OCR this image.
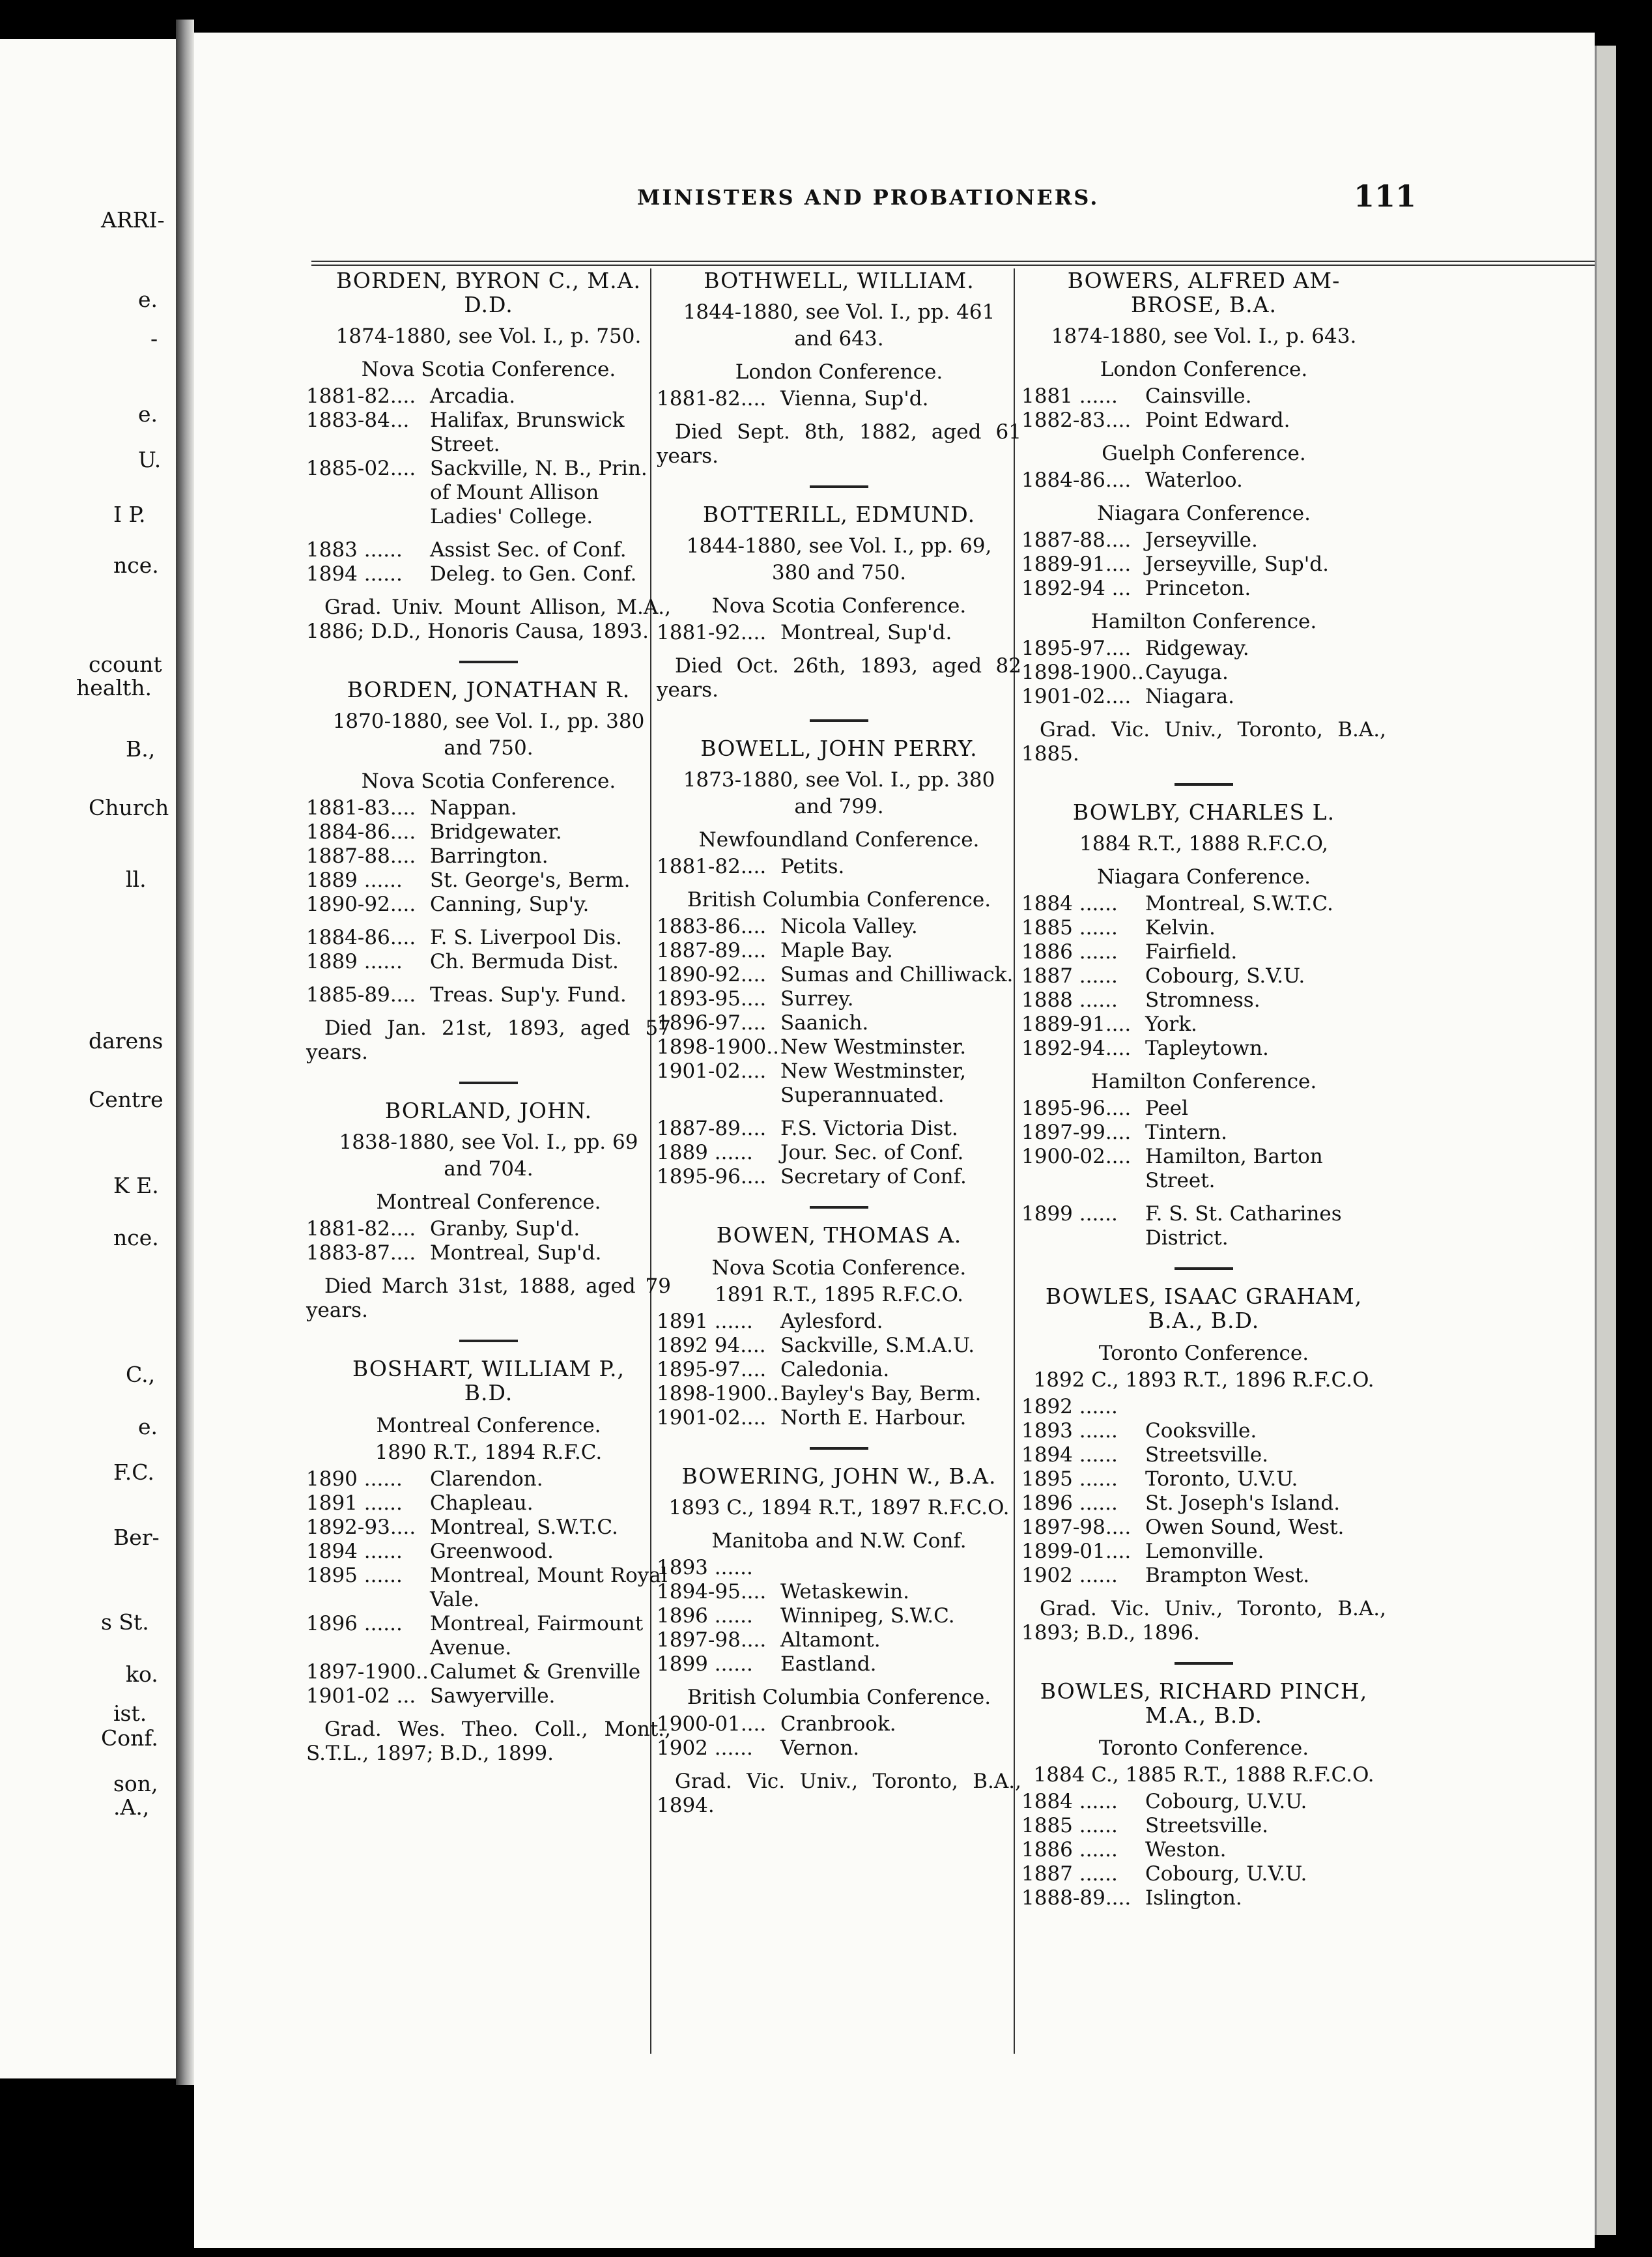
ARRI-
e.
-
e.
U.
I P.
nce.
ccount
health.
B.,
Church
ll.
darens
Centre
K E.
nce.
C.,
e.
F.C.
Ber-
s St.
ko.
ist.
Conf.
son,
.A.,
MINISTERS AND PROBATIONERS.	111
BORDEN, BYRON C., M.A.
D.D.
1874-1880, see Vol. I., p. 750.
Nova Scotia Conference.
1881-82.... Arcadia.
1883-84...	Halifax, Brunswick Street.
1885-02.... Sackville, N. B., Prin. of Mount Allison Ladies' College.
1883 ......	Assist Sec. of Conf.
1894 ......	Deleg. to Gen. Conf.
Grad. Univ. Mount Allison, M.A., 1886; D.D., Honoris Causa, 1893.
BORDEN, JONATHAN R.
1870-1880, see Vol. I., pp. 380
and 750.
Nova Scotia Conference.
1881-83.... Nappan.
1884-86.... Bridgewater.
1887-88.... Barrington.
1889 ......	St. George's, Berm.
1890-92.... Canning, Sup'y.
1884-86.... F. S. Liverpool Dis.
1889 ......	Ch. Bermuda Dist.
1885-89.... Treas. Sup'y. Fund.
Died Jan. 21st, 1893, aged 57 years.
BORLAND, JOHN.
1838-1880, see Vol. I., pp. 69
and 704.
Montreal Conference.
1881-82.... Granby, Sup'd.
1883-87.... Montreal, Sup'd.
Died March 31st, 1888, aged 79 years.
BOSHART, WILLIAM P.,
B.D.
Montreal Conference.
1890 R.T., 1894 R.F.C.
1890 ......	Clarendon.
1891 ......	Chapleau.
1892-93.... Montreal, S.W.T.C.
1894 ......	Greenwood.
1895 ......	Montreal, Mount Royal Vale.
1896 ......	Montreal, Fairmount Avenue.
1897-1900.. Calumet & Grenville
1901-02 ... Sawyerville.
Grad. Wes. Theo. Coll., Mont., S.T.L., 1897; B.D., 1899.
BOTHWELL, WILLIAM.
1844-1880, see Vol. I., pp. 461
and 643.
London Conference.
1881-82.... Vienna, Sup'd.
Died Sept. 8th, 1882, aged 61 years.
BOTTERILL, EDMUND.
1844-1880, see Vol. I., pp. 69,
380 and 750.
Nova Scotia Conference.
1881-92.... Montreal, Sup'd.
Died Oct. 26th, 1893, aged 82 years.
BOWELL, JOHN PERRY.
1873-1880, see Vol. I., pp. 380
and 799.
Newfoundland Conference.
1881-82.... Petits.
British Columbia Conference.
1883-86.... Nicola Valley.
1887-89.... Maple Bay.
1890-92.... Sumas and Chilliwack.
1893-95.... Surrey.
1896-97.... Saanich.
1898-1900.. New Westminster.
1901-02.... New Westminster, Superannuated.
1887-89.... F.S. Victoria Dist.
1889 ......	Jour. Sec. of Conf.
1895-96.... Secretary of Conf.
BOWEN, THOMAS A.
Nova Scotia Conference.
1891 R.T., 1895 R.F.C.O.
1891 ......	Aylesford.
1892 94.... Sackville, S.M.A.U.
1895-97.... Caledonia.
1898-1900.. Bayley's Bay, Berm.
1901-02.... North E. Harbour.
BOWERING, JOHN W., B.A.
1893 C., 1894 R.T., 1897 R.F.C.O.
Manitoba and N.W. Conf.
1893 ......
1894-95.... Wetaskewin.
1896 ......	Winnipeg, S.W.C.
1897-98.... Altamont.
1899 ......	Eastland.
British Columbia Conference.
1900-01.... Cranbrook.
1902 ......	Vernon.
Grad. Vic. Univ., Toronto, B.A., 1894.
BOWERS, ALFRED AM-
BROSE, B.A.
1874-1880, see Vol. I., p. 643.
London Conference.
1881 ......	Cainsville.
1882-83.... Point Edward.
Guelph Conference.
1884-86.... Waterloo.
Niagara Conference.
1887-88.... Jerseyville.
1889-91.... Jerseyville, Sup'd.
1892-94 ... Princeton.
Hamilton Conference.
1895-97.... Ridgeway.
1898-1900.. Cayuga.
1901-02.... Niagara.
Grad. Vic. Univ., Toronto, B.A., 1885.
BOWLBY, CHARLES L.
1884 R.T., 1888 R.F.C.O,
Niagara Conference.
1884 ......	Montreal, S.W.T.C.
1885 ......	Kelvin.
1886 ......	Fairfield.
1887 ......	Cobourg, S.V.U.
1888 ......	Stromness.
1889-91.... York.
1892-94.... Tapleytown.
Hamilton Conference.
1895-96.... Peel
1897-99.... Tintern.
1900-02.... Hamilton, Barton Street.
1899 ......	F. S. St. Catharines District.
BOWLES, ISAAC GRAHAM,
B.A., B.D.
Toronto Conference.
1892 C., 1893 R.T., 1896 R.F.C.O.
1892 ......
1893 ......	Cooksville.
1894 ......	Streetsville.
1895 ......	Toronto, U.V.U.
1896 ......	St. Joseph's Island.
1897-98.... Owen Sound, West.
1899-01.... Lemonville.
1902 ......	Brampton West.
Grad. Vic. Univ., Toronto, B.A., 1893; B.D., 1896.
BOWLES, RICHARD PINCH,
M.A., B.D.
Toronto Conference.
1884 C., 1885 R.T., 1888 R.F.C.O.
1884 ......	Cobourg, U.V.U.
1885 ......	Streetsville.
1886 ......	Weston.
1887 ......	Cobourg, U.V.U.
1888-89.... Islington.
